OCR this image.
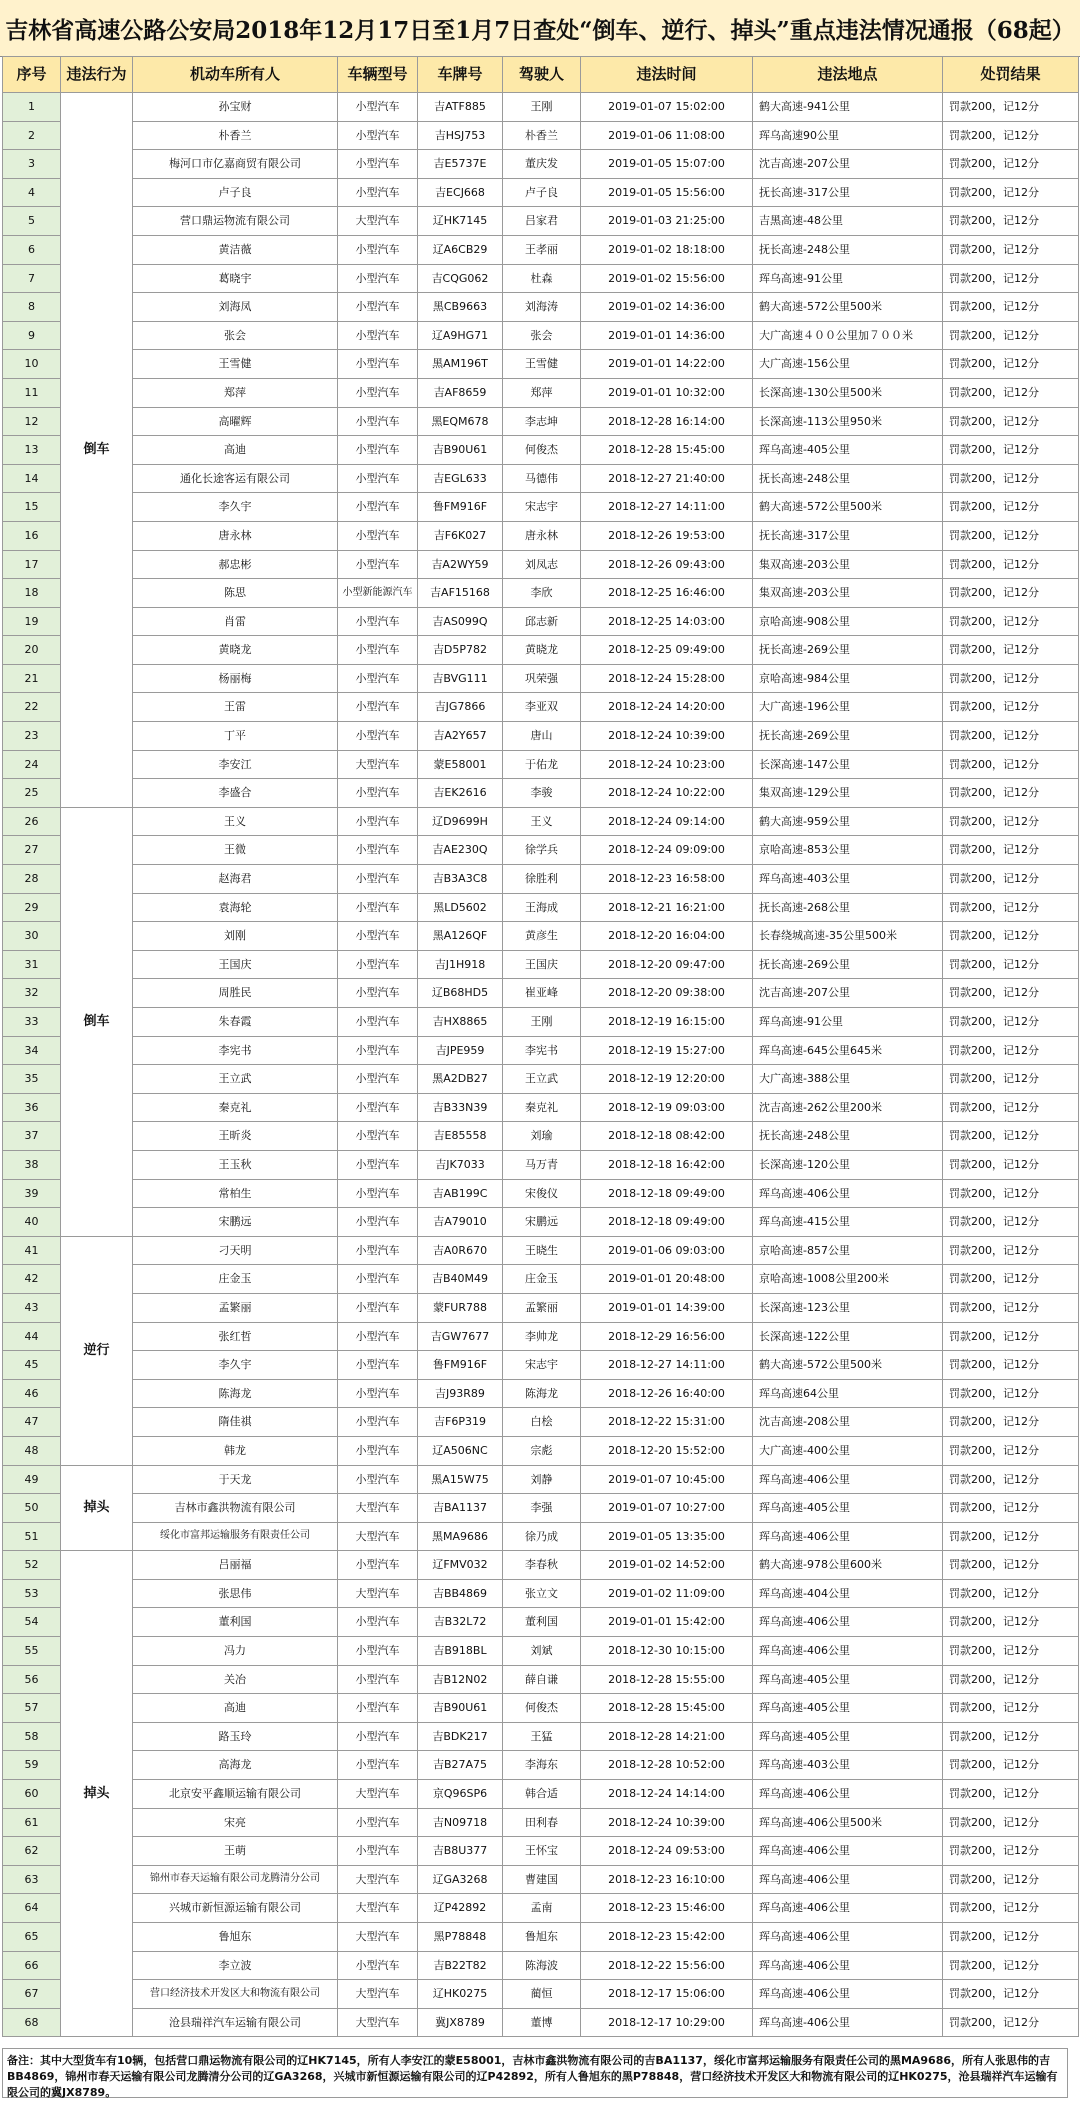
吉林省高速公路公安局2018年12月17日至1月7日查处“倒车、逆行、掉头”重点违法情况通报（68起）
序号	违法行为	机动车所有人	车辆型号	车牌号	驾驶人	违法时间	违法地点	处罚结果
1	倒车	孙宝财	小型汽车	吉ATF885	王刚	2019-01-07 15:02:00	鹤大高速-941公里	罚款200，记12分
2		朴香兰	小型汽车	吉HSJ753	朴香兰	2019-01-06 11:08:00	珲乌高速90公里	罚款200，记12分
3		梅河口市亿嘉商贸有限公司	小型汽车	吉E5737E	董庆发	2019-01-05 15:07:00	沈吉高速-207公里	罚款200，记12分
4		卢子良	小型汽车	吉ECJ668	卢子良	2019-01-05 15:56:00	抚长高速-317公里	罚款200，记12分
5		营口鼎运物流有限公司	大型汽车	辽HK7145	吕家君	2019-01-03 21:25:00	吉黑高速-48公里	罚款200，记12分
6		黄洁薇	小型汽车	辽A6CB29	王孝丽	2019-01-02 18:18:00	抚长高速-248公里	罚款200，记12分
7		葛晓宇	小型汽车	吉CQG062	杜森	2019-01-02 15:56:00	珲乌高速-91公里	罚款200，记12分
8		刘海凤	小型汽车	黑CB9663	刘海涛	2019-01-02 14:36:00	鹤大高速-572公里500米	罚款200，记12分
9		张会	小型汽车	辽A9HG71	张会	2019-01-01 14:36:00	大广高速４００公里加７００米	罚款200，记12分
10		王雪健	小型汽车	黑AM196T	王雪健	2019-01-01 14:22:00	大广高速-156公里	罚款200，记12分
11		郑萍	小型汽车	吉AF8659	郑萍	2019-01-01 10:32:00	长深高速-130公里500米	罚款200，记12分
12		高曜辉	小型汽车	黑EQM678	李志坤	2018-12-28 16:14:00	长深高速-113公里950米	罚款200，记12分
13		高迪	小型汽车	吉B90U61	何俊杰	2018-12-28 15:45:00	珲乌高速-405公里	罚款200，记12分
14		通化长途客运有限公司	小型汽车	吉EGL633	马德伟	2018-12-27 21:40:00	抚长高速-248公里	罚款200，记12分
15		李久宇	小型汽车	鲁FM916F	宋志宇	2018-12-27 14:11:00	鹤大高速-572公里500米	罚款200，记12分
16		唐永林	小型汽车	吉F6K027	唐永林	2018-12-26 19:53:00	抚长高速-317公里	罚款200，记12分
17		郝忠彬	小型汽车	吉A2WY59	刘凤志	2018-12-26 09:43:00	集双高速-203公里	罚款200，记12分
18		陈思	小型新能源汽车	吉AF15168	李欣	2018-12-25 16:46:00	集双高速-203公里	罚款200，记12分
19		肖雷	小型汽车	吉AS099Q	邱志新	2018-12-25 14:03:00	京哈高速-908公里	罚款200，记12分
20		黄晓龙	小型汽车	吉D5P782	黄晓龙	2018-12-25 09:49:00	抚长高速-269公里	罚款200，记12分
21		杨丽梅	小型汽车	吉BVG111	巩荣强	2018-12-24 15:28:00	京哈高速-984公里	罚款200，记12分
22		王雷	小型汽车	吉JG7866	李亚双	2018-12-24 14:20:00	大广高速-196公里	罚款200，记12分
23		丁平	小型汽车	吉A2Y657	唐山	2018-12-24 10:39:00	抚长高速-269公里	罚款200，记12分
24		李安江	大型汽车	蒙E58001	于佑龙	2018-12-24 10:23:00	长深高速-147公里	罚款200，记12分
25		李盛合	小型汽车	吉EK2616	李骏	2018-12-24 10:22:00	集双高速-129公里	罚款200，记12分
26	倒车	王义	小型汽车	辽D9699H	王义	2018-12-24 09:14:00	鹤大高速-959公里	罚款200，记12分
27		王微	小型汽车	吉AE230Q	徐学兵	2018-12-24 09:09:00	京哈高速-853公里	罚款200，记12分
28		赵海君	小型汽车	吉B3A3C8	徐胜利	2018-12-23 16:58:00	珲乌高速-403公里	罚款200，记12分
29		袁海轮	小型汽车	黑LD5602	王海成	2018-12-21 16:21:00	抚长高速-268公里	罚款200，记12分
30		刘刚	小型汽车	黑A126QF	黄彦生	2018-12-20 16:04:00	长春绕城高速-35公里500米	罚款200，记12分
31		王国庆	小型汽车	吉J1H918	王国庆	2018-12-20 09:47:00	抚长高速-269公里	罚款200，记12分
32		周胜民	小型汽车	辽B68HD5	崔亚峰	2018-12-20 09:38:00	沈吉高速-207公里	罚款200，记12分
33		朱春霞	小型汽车	吉HX8865	王刚	2018-12-19 16:15:00	珲乌高速-91公里	罚款200，记12分
34		李宪书	小型汽车	吉JPE959	李宪书	2018-12-19 15:27:00	珲乌高速-645公里645米	罚款200，记12分
35		王立武	小型汽车	黑A2DB27	王立武	2018-12-19 12:20:00	大广高速-388公里	罚款200，记12分
36		秦克礼	小型汽车	吉B33N39	秦克礼	2018-12-19 09:03:00	沈吉高速-262公里200米	罚款200，记12分
37		王昕炎	小型汽车	吉E85558	刘瑜	2018-12-18 08:42:00	抚长高速-248公里	罚款200，记12分
38		王玉秋	小型汽车	吉JK7033	马万青	2018-12-18 16:42:00	长深高速-120公里	罚款200，记12分
39		常柏生	小型汽车	吉AB199C	宋俊仪	2018-12-18 09:49:00	珲乌高速-406公里	罚款200，记12分
40		宋鹏远	小型汽车	吉A79010	宋鹏远	2018-12-18 09:49:00	珲乌高速-415公里	罚款200，记12分
41	逆行	刁天明	小型汽车	吉A0R670	王晓生	2019-01-06 09:03:00	京哈高速-857公里	罚款200，记12分
42		庄金玉	小型汽车	吉B40M49	庄金玉	2019-01-01 20:48:00	京哈高速-1008公里200米	罚款200，记12分
43		孟繁丽	小型汽车	蒙FUR788	孟繁丽	2019-01-01 14:39:00	长深高速-123公里	罚款200，记12分
44		张红哲	小型汽车	吉GW7677	李帅龙	2018-12-29 16:56:00	长深高速-122公里	罚款200，记12分
45		李久宇	小型汽车	鲁FM916F	宋志宇	2018-12-27 14:11:00	鹤大高速-572公里500米	罚款200，记12分
46		陈海龙	小型汽车	吉J93R89	陈海龙	2018-12-26 16:40:00	珲乌高速64公里	罚款200，记12分
47		隋佳祺	小型汽车	吉F6P319	白桧	2018-12-22 15:31:00	沈吉高速-208公里	罚款200，记12分
48		韩龙	小型汽车	辽A506NC	宗彪	2018-12-20 15:52:00	大广高速-400公里	罚款200，记12分
49	掉头	于天龙	小型汽车	黑A15W75	刘静	2019-01-07 10:45:00	珲乌高速-406公里	罚款200，记12分
50		吉林市鑫洪物流有限公司	大型汽车	吉BA1137	李强	2019-01-07 10:27:00	珲乌高速-405公里	罚款200，记12分
51		绥化市富邦运输服务有限责任公司	大型汽车	黑MA9686	徐乃成	2019-01-05 13:35:00	珲乌高速-406公里	罚款200，记12分
52	掉头	吕丽福	小型汽车	辽FMV032	李春秋	2019-01-02 14:52:00	鹤大高速-978公里600米	罚款200，记12分
53		张思伟	大型汽车	吉BB4869	张立文	2019-01-02 11:09:00	珲乌高速-404公里	罚款200，记12分
54		董利国	小型汽车	吉B32L72	董利国	2019-01-01 15:42:00	珲乌高速-406公里	罚款200，记12分
55		冯力	小型汽车	吉B918BL	刘斌	2018-12-30 10:15:00	珲乌高速-406公里	罚款200，记12分
56		关冶	小型汽车	吉B12N02	薛自谦	2018-12-28 15:55:00	珲乌高速-405公里	罚款200，记12分
57		高迪	小型汽车	吉B90U61	何俊杰	2018-12-28 15:45:00	珲乌高速-405公里	罚款200，记12分
58		路玉玲	小型汽车	吉BDK217	王猛	2018-12-28 14:21:00	珲乌高速-405公里	罚款200，记12分
59		高海龙	小型汽车	吉B27A75	李海东	2018-12-28 10:52:00	珲乌高速-403公里	罚款200，记12分
60		北京安平鑫顺运输有限公司	大型汽车	京Q96SP6	韩合适	2018-12-24 14:14:00	珲乌高速-406公里	罚款200，记12分
61		宋亮	小型汽车	吉N09718	田利春	2018-12-24 10:39:00	珲乌高速-406公里500米	罚款200，记12分
62		王萌	小型汽车	吉B8U377	王怀宝	2018-12-24 09:53:00	珲乌高速-406公里	罚款200，记12分
63		锦州市春天运输有限公司龙腾清分公司	大型汽车	辽GA3268	曹建国	2018-12-23 16:10:00	珲乌高速-406公里	罚款200，记12分
64		兴城市新恒源运输有限公司	大型汽车	辽P42892	孟南	2018-12-23 15:46:00	珲乌高速-406公里	罚款200，记12分
65		鲁旭东	大型汽车	黑P78848	鲁旭东	2018-12-23 15:42:00	珲乌高速-406公里	罚款200，记12分
66		李立波	小型汽车	吉B22T82	陈海波	2018-12-22 15:56:00	珲乌高速-406公里	罚款200，记12分
67		营口经济技术开发区大和物流有限公司	大型汽车	辽HK0275	蔺恒	2018-12-17 15:06:00	珲乌高速-406公里	罚款200，记12分
68		沧县瑞祥汽车运输有限公司	大型汽车	冀JX8789	董博	2018-12-17 10:29:00	珲乌高速-406公里	罚款200，记12分
备注：其中大型货车有10辆，包括营口鼎运物流有限公司的辽HK7145，所有人李安江的蒙E58001，吉林市鑫洪物流有限公司的吉BA1137，绥化市富邦运输服务有限责任公司的黑MA9686，所有人张思伟的吉BB4869，锦州市春天运输有限公司龙腾清分公司的辽GA3268，兴城市新恒源运输有限公司的辽P42892，所有人鲁旭东的黑P78848，营口经济技术开发区大和物流有限公司的辽HK0275，沧县瑞祥汽车运输有限公司的冀JX8789。
